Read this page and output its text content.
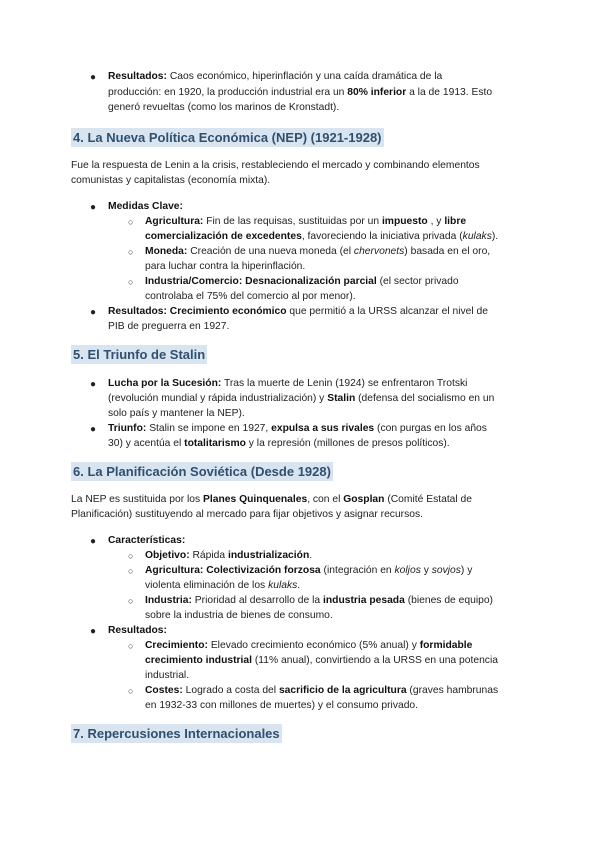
● Resultados: Caos económico, hiperinflación y una caída dramática de la
producción: en 1920, la producción industrial era un 80% inferior a la de 1913. Esto
generó revueltas (como los marinos de Kronstadt).
4. La Nueva Política Económica (NEP) (1921-1928)
Fue la respuesta de Lenin a la crisis, restableciendo el mercado y combinando elementos
comunistas y capitalistas (economía mixta).
● Medidas Clave:
○ Agricultura: Fin de las requisas, sustituidas por un impuesto , y libre
comercialización de excedentes, favoreciendo la iniciativa privada (kulaks).
○ Moneda: Creación de una nueva moneda (el chervonets) basada en el oro,
para luchar contra la hiperinflación.
○ Industria/Comercio: Desnacionalización parcial (el sector privado
controlaba el 75% del comercio al por menor).
● Resultados: Crecimiento económico que permitió a la URSS alcanzar el nivel de
PIB de preguerra en 1927.
5. El Triunfo de Stalin
● Lucha por la Sucesión: Tras la muerte de Lenin (1924) se enfrentaron Trotski
(revolución mundial y rápida industrialización) y Stalin (defensa del socialismo en un
solo país y mantener la NEP).
● Triunfo: Stalin se impone en 1927, expulsa a sus rivales (con purgas en los años
30) y acentúa el totalitarismo y la represión (millones de presos políticos).
6. La Planificación Soviética (Desde 1928)
La NEP es sustituida por los Planes Quinquenales, con el Gosplan (Comité Estatal de
Planificación) sustituyendo al mercado para fijar objetivos y asignar recursos.
● Características:
○ Objetivo: Rápida industrialización.
○ Agricultura: Colectivización forzosa (integración en koljos y sovjos) y
violenta eliminación de los kulaks.
○ Industria: Prioridad al desarrollo de la industria pesada (bienes de equipo)
sobre la industria de bienes de consumo.
● Resultados:
○ Crecimiento: Elevado crecimiento económico (5% anual) y formidable
crecimiento industrial (11% anual), convirtiendo a la URSS en una potencia
industrial.
○ Costes: Logrado a costa del sacrificio de la agricultura (graves hambrunas
en 1932-33 con millones de muertes) y el consumo privado.
7. Repercusiones Internacionales
